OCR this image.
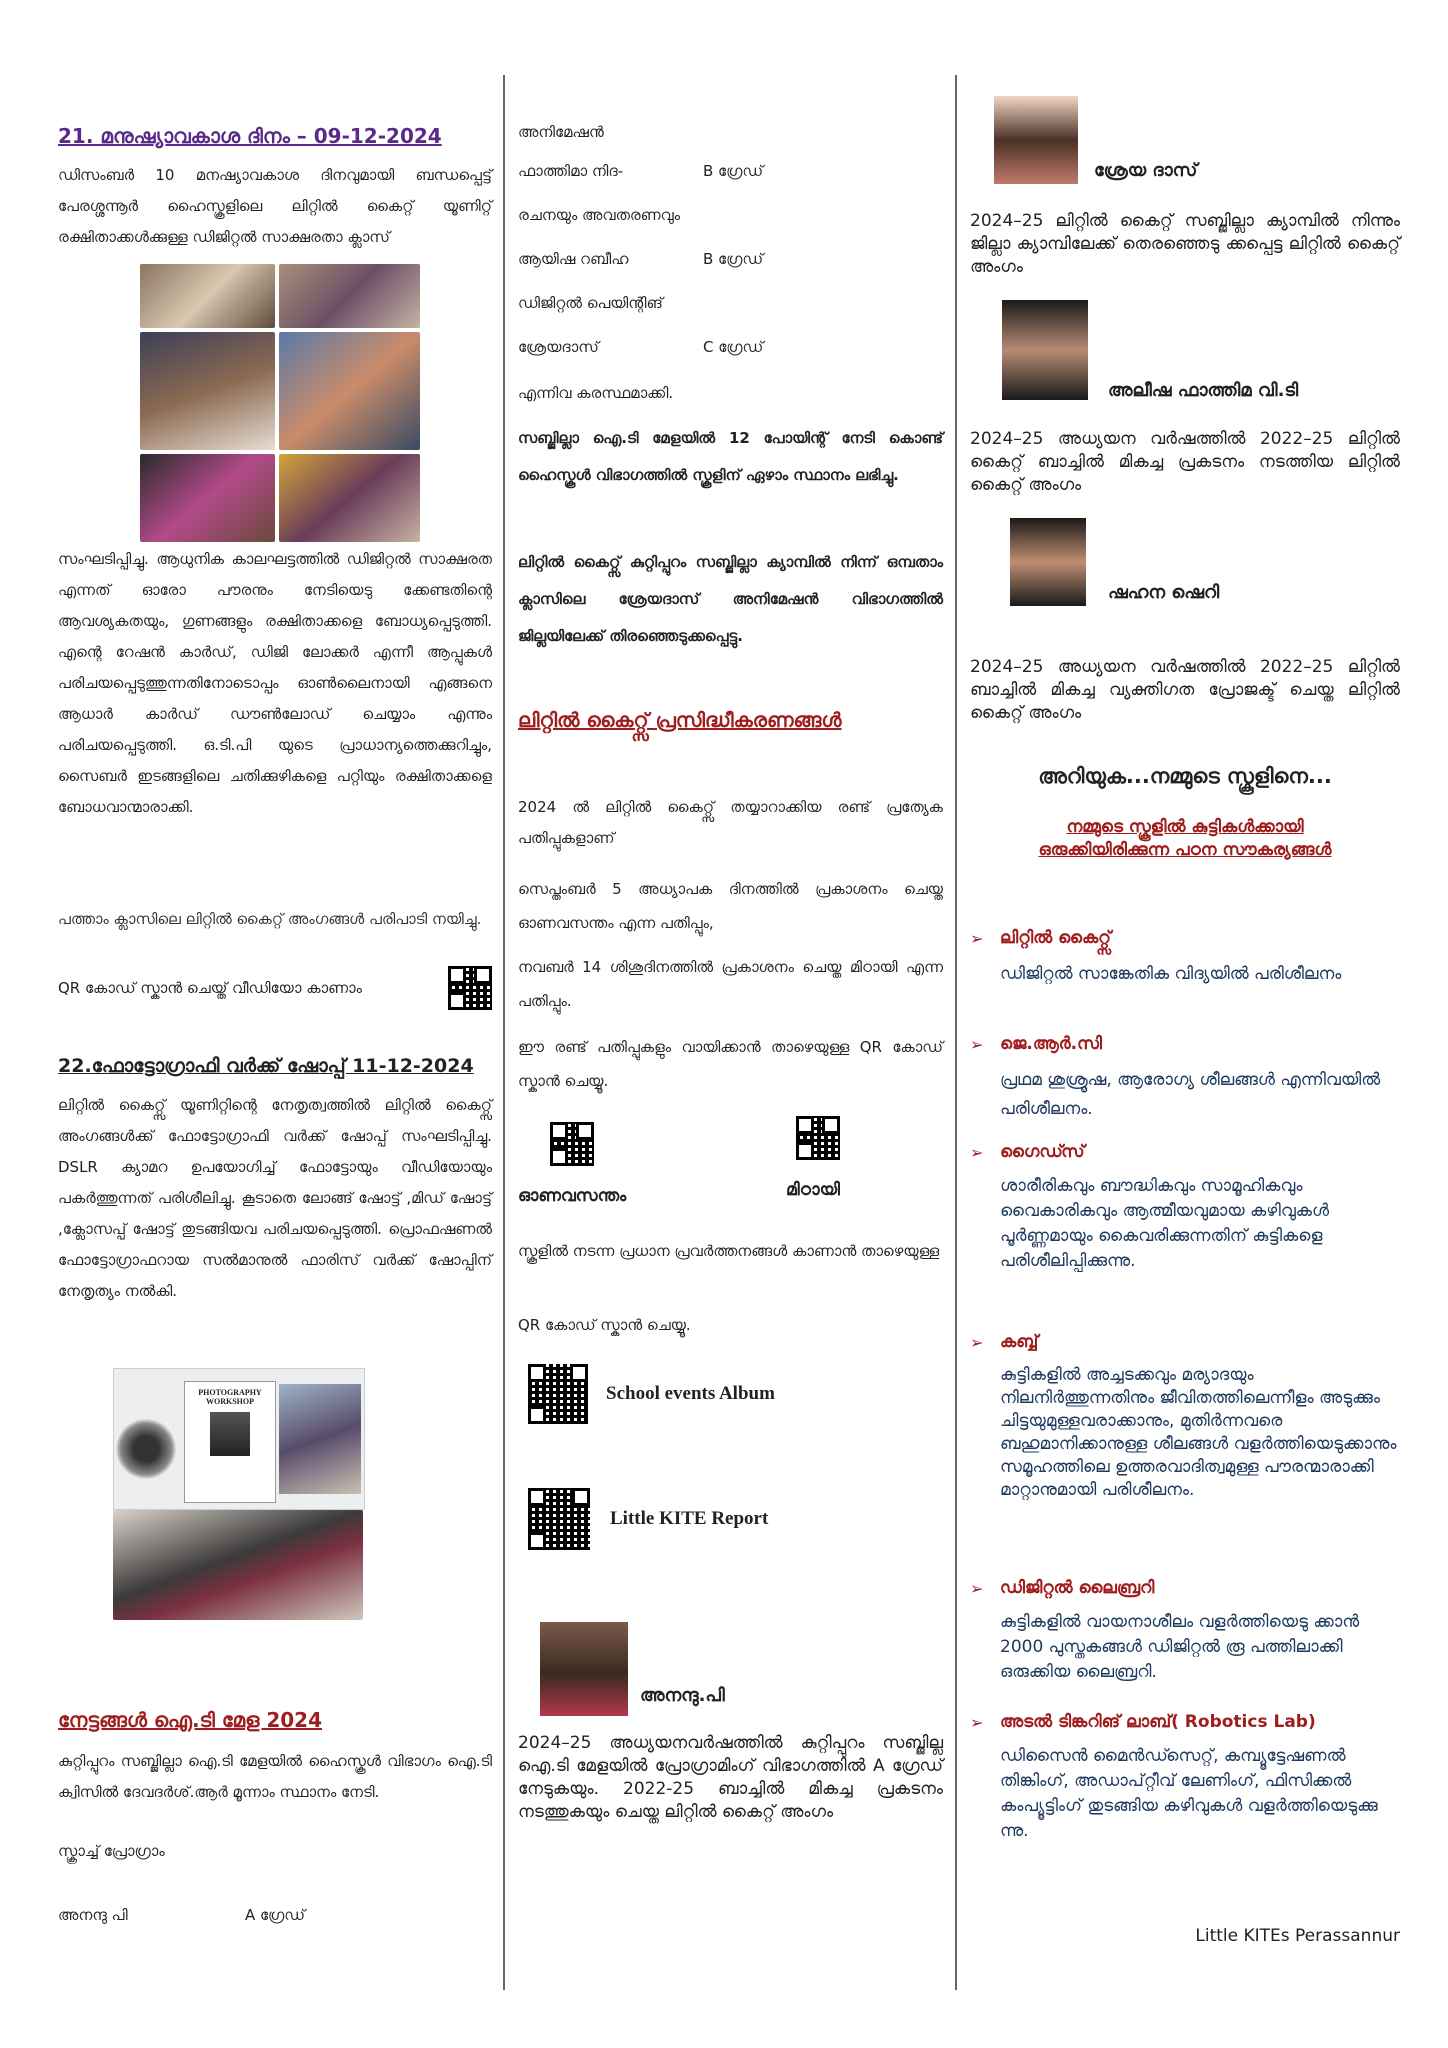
21. മനുഷ്യാവകാശ ദിനം – 09-12-2024

ഡിസംബർ 10 മനഷ്യാവകാശ ദിനവുമായി ബന്ധപ്പെട്ട് പേരശ്ശന്നൂർ ഹൈസ്കൂളിലെ ലിറ്റിൽ കൈറ്റ് യൂണിറ്റ് രക്ഷിതാക്കൾക്കുള്ള ഡിജിറ്റൽ സാക്ഷരതാ ക്ലാസ്

സംഘടിപ്പിച്ചു. ആധുനിക കാലഘട്ടത്തിൽ ഡിജിറ്റൽ സാക്ഷരത എന്നത് ഓരോ പൗരനും നേടിയെടു ക്കേണ്ടതിന്റെ ആവശ്യകതയും, ഗുണങ്ങളും രക്ഷിതാക്കളെ ബോധ്യപ്പെടുത്തി. എന്റെ റേഷൻ കാർഡ്, ഡിജി ലോക്കർ എന്നീ ആപ്പുകൾ പരിചയപ്പെടുത്തുന്നതിനോടൊപ്പം ഓൺലൈനായി എങ്ങനെ ആധാർ കാർഡ് ഡൗൺലോഡ് ചെയ്യാം എന്നും പരിചയപ്പെടുത്തി. ഒ.ടി.പി യുടെ പ്രാധാന്യത്തെക്കുറിച്ചും, സൈബർ ഇടങ്ങളിലെ ചതിക്കുഴികളെ പറ്റിയും രക്ഷിതാക്കളെ ബോധവാന്മാരാക്കി.

പത്താം ക്ലാസിലെ ലിറ്റിൽ കൈറ്റ് അംഗങ്ങൾ പരിപാടി നയിച്ചു.

QR കോഡ് സ്കാൻ ചെയ്ത് വീഡിയോ കാണാം

22.ഫോട്ടോഗ്രാഫി വർക്ക് ഷോപ്പ് 11-12-2024

ലിറ്റിൽ കൈറ്റ്സ് യൂണിറ്റിന്റെ നേതൃത്വത്തിൽ ലിറ്റിൽ കൈറ്റ്സ് അംഗങ്ങൾക്ക് ഫോട്ടോഗ്രാഫി വർക്ക് ഷോപ്പ് സംഘടിപ്പിച്ചു. DSLR ക്യാമറ ഉപയോഗിച്ച് ഫോട്ടോയും വീഡിയോയും പകർത്തുന്നത് പരിശീലിച്ചു. കൂടാതെ ലോങ്ങ് ഷോട്ട് ,മിഡ് ഷോട്ട് ,ക്ലോസപ്പ് ഷോട്ട് തുടങ്ങിയവ പരിചയപ്പെടുത്തി. പ്രൊഫഷണൽ ഫോട്ടോഗ്രാഫറായ സൽമാനുൽ ഫാരിസ് വർക്ക് ഷോപ്പിന് നേതൃത്യം നൽകി.

PHOTOGRAPHY WORKSHOP

നേട്ടങ്ങൾ ഐ.ടി മേള 2024

കുറ്റിപ്പുറം സബ്ജില്ലാ ഐ.ടി മേളയിൽ ഹൈസ്കൂൾ വിഭാഗം ഐ.ടി ക്വിസിൽ ദേവദർശ്.ആർ മൂന്നാം സ്ഥാനം നേടി.

സ്ക്രാച്ച് പ്രോഗ്രാം

അനന്ദു പി	A ഗ്രേഡ്

അനിമേഷൻ

ഫാത്തിമാ നിദ-	B ഗ്രേഡ്

രചനയും അവതരണവും

ആയിഷ റബീഹ	B ഗ്രേഡ്

ഡിജിറ്റൽ പെയിന്റിങ്

ശ്രേയദാസ്	C ഗ്രേഡ്

എന്നിവ കരസ്ഥമാക്കി.

സബ്ജില്ലാ ഐ.ടി മേളയിൽ 12 പോയിന്റ് നേടി കൊണ്ട് ഹൈസ്കൂൾ വിഭാഗത്തിൽ സ്കൂളിന് ഏഴാം സ്ഥാനം ലഭിച്ചു.

ലിറ്റിൽ കൈറ്റ്സ് കുറ്റിപ്പുറം സബ്ജില്ലാ ക്യാമ്പിൽ നിന്ന് ഒമ്പതാം ക്ലാസിലെ ശ്രേയദാസ് അനിമേഷൻ വിഭാഗത്തിൽ ജില്ലയിലേക്ക് തിരഞ്ഞെടുക്കപ്പെട്ടു.

ലിറ്റിൽ കൈറ്റ്സ് പ്രസിദ്ധീകരണങ്ങൾ

2024 ൽ ലിറ്റിൽ കൈറ്റ്സ് തയ്യാറാക്കിയ രണ്ട് പ്രത്യേക പതിപ്പുകളാണ്

സെപ്തംബർ 5 അധ്യാപക ദിനത്തിൽ പ്രകാശനം ചെയ്ത ഓണവസന്തം എന്ന പതിപ്പും,

നവബർ 14 ശിശുദിനത്തിൽ പ്രകാശനം ചെയ്ത മിഠായി എന്ന പതിപ്പും.

ഈ രണ്ട് പതിപ്പുകളും വായിക്കാൻ താഴെയുള്ള QR കോഡ് സ്കാൻ ചെയ്യൂ.

ഓണവസന്തം	മിഠായി

സ്കൂളിൽ നടന്ന പ്രധാന പ്രവർത്തനങ്ങൾ കാണാൻ താഴെയുള്ള

QR കോഡ് സ്കാൻ ചെയ്യൂ.

School events Album
Little KITE Report
അനന്ദു.പി

2024–25 അധ്യയനവർഷത്തിൽ കുറ്റിപ്പുറം സബ്ജില്ല ഐ.ടി മേളയിൽ പ്രോഗ്രാമിംഗ് വിഭാഗത്തിൽ A ഗ്രേഡ് നേടുകയും. 2022-25 ബാച്ചിൽ മികച്ച പ്രകടനം നടത്തുകയും ചെയ്ത ലിറ്റിൽ കൈറ്റ് അംഗം

ശ്രേയ ദാസ്

2024–25 ലിറ്റിൽ കൈറ്റ് സബ്ജില്ലാ ക്യാമ്പിൽ നിന്നും ജില്ലാ ക്യാമ്പിലേക്ക് തെരഞ്ഞെടു ക്കപ്പെട്ട ലിറ്റിൽ കൈറ്റ് അംഗം

അലീഷ ഫാത്തിമ വി.ടി

2024–25 അധ്യയന വർഷത്തിൽ 2022–25 ലിറ്റിൽ കൈറ്റ് ബാച്ചിൽ മികച്ച പ്രകടനം നടത്തിയ ലിറ്റിൽ കൈറ്റ് അംഗം

ഷഹന ഷെറി

2024–25 അധ്യയന വർഷത്തിൽ 2022–25 ലിറ്റിൽ ബാച്ചിൽ മികച്ച വ്യക്തിഗത പ്രോജക്ട് ചെയ്ത ലിറ്റിൽ കൈറ്റ് അംഗം

അറിയുക...നമ്മുടെ സ്കൂളിനെ...

നമ്മുടെ സ്കൂളിൽ കുട്ടികൾക്കായി ഒരുക്കിയിരിക്കുന്ന പഠന സൗകര്യങ്ങൾ

➢ ലിറ്റിൽ കൈറ്റ്സ്

ഡിജിറ്റൽ സാങ്കേതിക വിദ്യയിൽ പരിശീലനം

➢ ജെ.ആർ.സി

പ്രഥമ ശുശ്രൂഷ, ആരോഗ്യ ശീലങ്ങൾ എന്നിവയിൽ പരിശീലനം.

➢ ഗൈഡ്സ്

ശാരീരികവും ബൗദ്ധികവും സാമൂഹികവും വൈകാരികവും ആത്മീയവുമായ കഴിവുകൾ പൂർണ്ണമായും കൈവരിക്കുന്നതിന് കുട്ടികളെ പരിശീലിപ്പിക്കുന്നു.

➢ കബ്ബ്

കുട്ടികളിൽ അച്ചടക്കവും മര്യാദയും നിലനിർത്തുന്നതിനും ജീവിതത്തിലെന്നീളം അടുക്കും ചിട്ടയുമുള്ളവരാക്കാനും, മുതിർന്നവരെ ബഹുമാനിക്കാനുള്ള ശീലങ്ങൾ വളർത്തിയെടുക്കാനും സമൂഹത്തിലെ ഉത്തരവാദിത്വമുള്ള പൗരന്മാരാക്കി മാറ്റാനുമായി പരിശീലനം.

➢ ഡിജിറ്റൽ ലൈബ്രറി

കുട്ടികളിൽ വായനാശീലം വളർത്തിയെടു ക്കാൻ 2000 പുസ്തകങ്ങൾ ഡിജിറ്റൽ രൂ പത്തിലാക്കി ഒരുക്കിയ ലൈബ്രറി.

➢ അടൽ ടിങ്കറിങ് ലാബ്( Robotics Lab)

ഡിസൈൻ മൈൻഡ്സെറ്റ്, കമ്പ്യൂട്ടേഷണൽ തിങ്കിംഗ്, അഡാപ്റ്റീവ് ലേണിംഗ്, ഫിസിക്കൽ കംപ്യൂട്ടിംഗ് തുടങ്ങിയ കഴിവുകൾ വളർത്തിയെടുക്കു ന്നു.

Little KITEs Perassannur
